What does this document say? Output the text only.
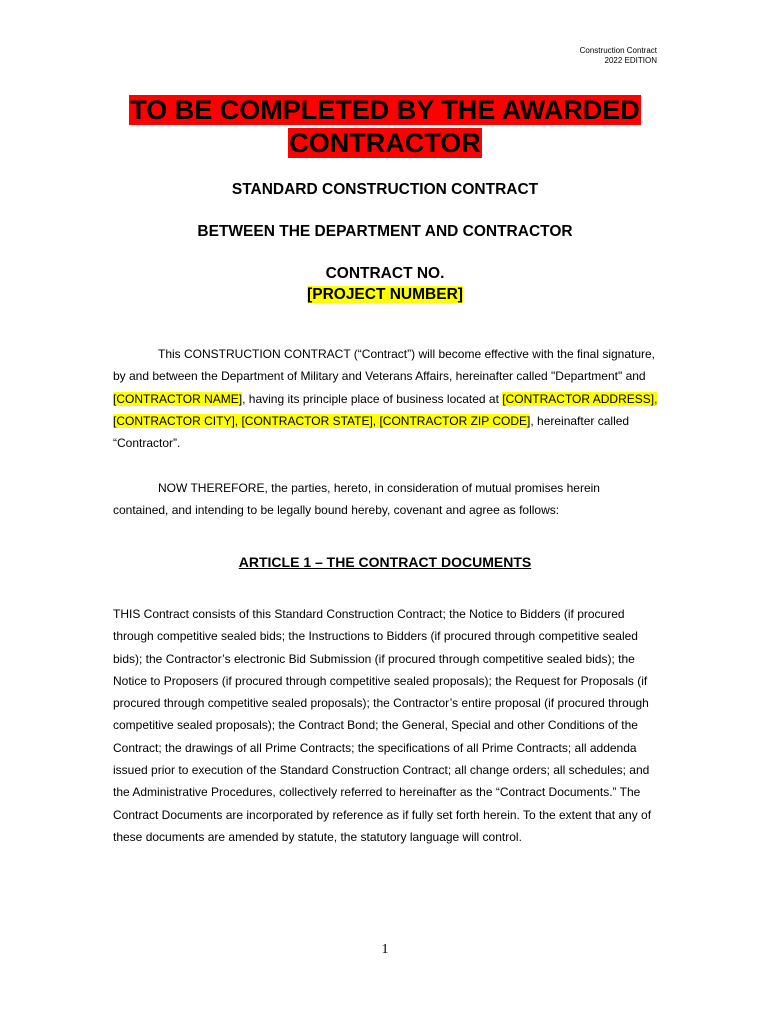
Construction Contract
2022 EDITION
TO BE COMPLETED BY THE AWARDED
CONTRACTOR
STANDARD CONSTRUCTION CONTRACT
BETWEEN THE DEPARTMENT AND CONTRACTOR
CONTRACT NO.
[PROJECT NUMBER]
This CONSTRUCTION CONTRACT (“Contract”) will become effective with the final signature, by and between the Department of Military and Veterans Affairs, hereinafter called "Department" and [CONTRACTOR NAME], having its principle place of business located at [CONTRACTOR ADDRESS], [CONTRACTOR CITY], [CONTRACTOR STATE], [CONTRACTOR ZIP CODE], hereinafter called “Contractor”.
NOW THEREFORE, the parties, hereto, in consideration of mutual promises herein contained, and intending to be legally bound hereby, covenant and agree as follows:
ARTICLE 1 – THE CONTRACT DOCUMENTS
THIS Contract consists of this Standard Construction Contract; the Notice to Bidders (if procured through competitive sealed bids; the Instructions to Bidders (if procured through competitive sealed bids); the Contractor’s electronic Bid Submission (if procured through competitive sealed bids); the Notice to Proposers (if procured through competitive sealed proposals); the Request for Proposals (if procured through competitive sealed proposals); the Contractor’s entire proposal (if procured through competitive sealed proposals); the Contract Bond; the General, Special and other Conditions of the Contract; the drawings of all Prime Contracts; the specifications of all Prime Contracts; all addenda issued prior to execution of the Standard Construction Contract; all change orders; all schedules; and the Administrative Procedures, collectively referred to hereinafter as the “Contract Documents.” The Contract Documents are incorporated by reference as if fully set forth herein. To the extent that any of these documents are amended by statute, the statutory language will control.
1
